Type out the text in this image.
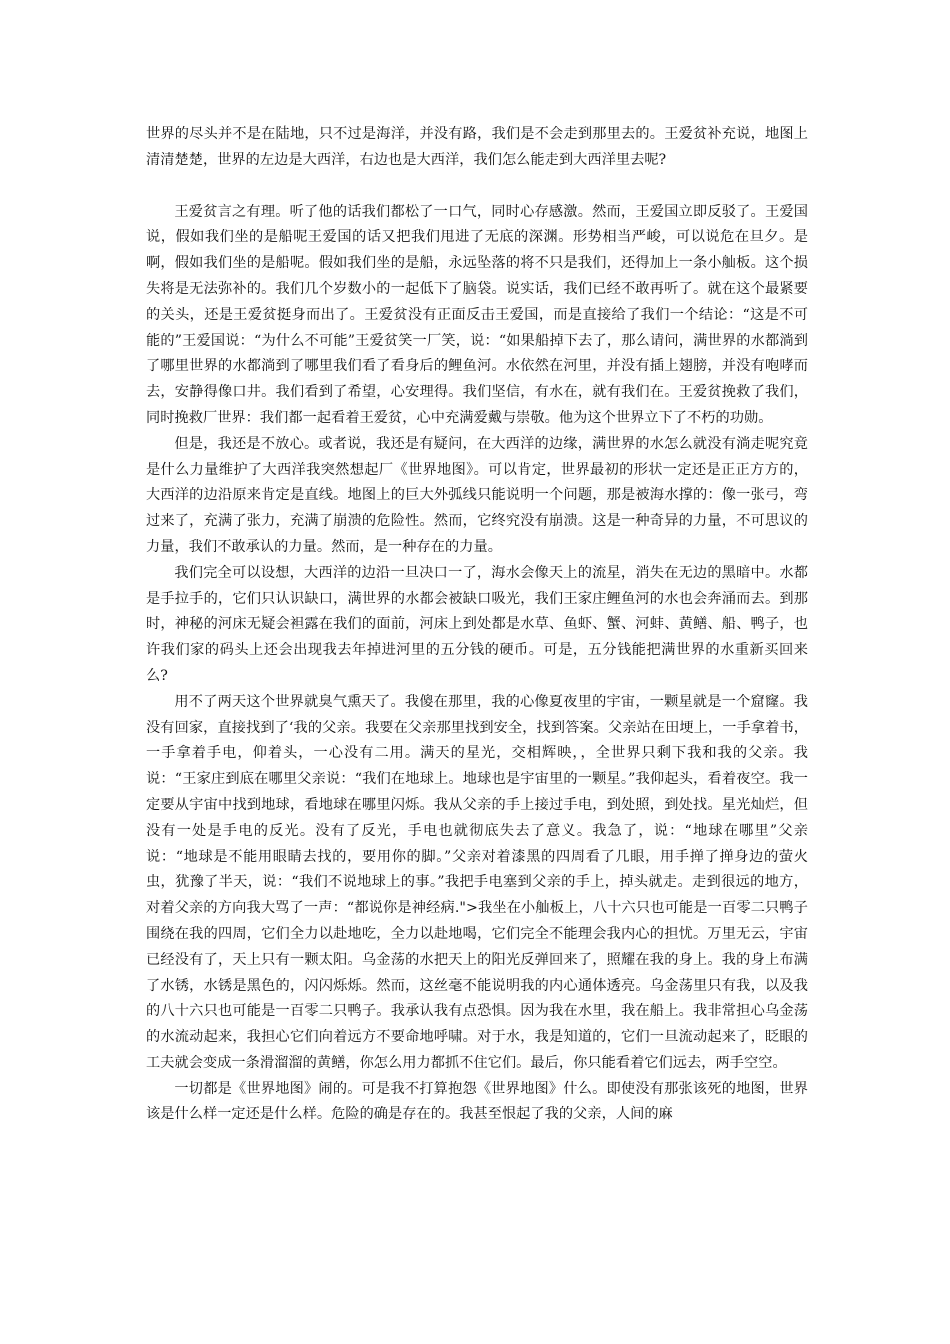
世界的尽头并不是在陆地，只不过是海洋，并没有路，我们是不会走到那里去的。王爱贫补充说，地图上清清楚楚，世界的左边是大西洋，右边也是大西洋，我们怎么能走到大西洋里去呢?

王爱贫言之有理。听了他的话我们都松了一口气，同时心存感激。然而，王爱国立即反驳了。王爱国说，假如我们坐的是船呢王爱国的话又把我们甩进了无底的深渊。形势相当严峻，可以说危在旦夕。是啊，假如我们坐的是船呢。假如我们坐的是船，永远坠落的将不只是我们，还得加上一条小舢板。这个损失将是无法弥补的。我们几个岁数小的一起低下了脑袋。说实话，我们已经不敢再听了。就在这个最紧要的关头，还是王爱贫挺身而出了。王爱贫没有正面反击王爱国，而是直接给了我们一个结论：“这是不可能的”王爱国说：“为什么不可能”王爱贫笑一厂笑，说：“如果船掉下去了，那么请问，满世界的水都淌到了哪里世界的水都淌到了哪里我们看了看身后的鲤鱼河。水依然在河里，并没有插上翅膀，并没有咆哮而去，安静得像口井。我们看到了希望，心安理得。我们坚信，有水在，就有我们在。王爱贫挽救了我们，同时挽救厂世界：我们都一起看着王爱贫，心中充满爱戴与崇敬。他为这个世界立下了不朽的功勋。

但是，我还是不放心。或者说，我还是有疑问，在大西洋的边缘，满世界的水怎么就没有淌走呢究竟是什么力量维护了大西洋我突然想起厂《世界地图》。可以肯定，世界最初的形状一定还是正正方方的，大西洋的边沿原来肯定是直线。地图上的巨大外弧线只能说明一个问题，那是被海水撑的：像一张弓，弯过来了，充满了张力，充满了崩溃的危险性。然而，它终究没有崩溃。这是一种奇异的力量，不可思议的力量，我们不敢承认的力量。然而，是一种存在的力量。

我们完全可以设想，大西洋的边沿一旦决口一了，海水会像天上的流星，消失在无边的黑暗中。水都是手拉手的，它们只认识缺口，满世界的水都会被缺口吸光，我们王家庄鲤鱼河的水也会奔涌而去。到那时，神秘的河床无疑会袒露在我们的面前，河床上到处都是水草、鱼虾、蟹、河蚌、黄鳝、船、鸭子，也许我们家的码头上还会出现我去年掉进河里的五分钱的硬币。可是，五分钱能把满世界的水重新买回来么?

用不了两天这个世界就臭气熏天了。我傻在那里，我的心像夏夜里的宇宙，一颗星就是一个窟窿。我没有回家，直接找到了‘我的父亲。我要在父亲那里找到安全，找到答案。父亲站在田埂上，一手拿着书，一手拿着手电，仰着头，一心没有二用。满天的星光，交相辉映，，全世界只剩下我和我的父亲。我说：“王家庄到底在哪里父亲说：“我们在地球上。地球也是宇宙里的一颗星。”我仰起头，看着夜空。我一定要从宇宙中找到地球，看地球在哪里闪烁。我从父亲的手上接过手电，到处照，到处找。星光灿烂，但没有一处是手电的反光。没有了反光，手电也就彻底失去了意义。我急了，说：“地球在哪里”父亲说：“地球是不能用眼睛去找的，要用你的脚。”父亲对着漆黑的四周看了几眼，用手掸了掸身边的萤火虫，犹豫了半天，说：“我们不说地球上的事。”我把手电塞到父亲的手上，掉头就走。走到很远的地方，对着父亲的方向我大骂了一声：“都说你是神经病.">我坐在小舢板上，八十六只也可能是一百零二只鸭子围绕在我的四周，它们全力以赴地吃，全力以赴地喝，它们完全不能理会我内心的担忧。万里无云，宇宙已经没有了，天上只有一颗太阳。乌金荡的水把天上的阳光反弹回来了，照耀在我的身上。我的身上布满了水锈，水锈是黑色的，闪闪烁烁。然而，这丝毫不能说明我的内心通体透亮。乌金荡里只有我，以及我的八十六只也可能是一百零二只鸭子。我承认我有点恐惧。因为我在水里，我在船上。我非常担心乌金荡的水流动起来，我担心它们向着远方不要命地呼啸。对于水，我是知道的，它们一旦流动起来了，眨眼的工夫就会变成一条滑溜溜的黄鳝，你怎么用力都抓不住它们。最后，你只能看着它们远去，两手空空。

一切都是《世界地图》闹的。可是我不打算抱怨《世界地图》什么。即使没有那张该死的地图，世界该是什么样一定还是什么样。危险的确是存在的。我甚至恨起了我的父亲，人间的麻
